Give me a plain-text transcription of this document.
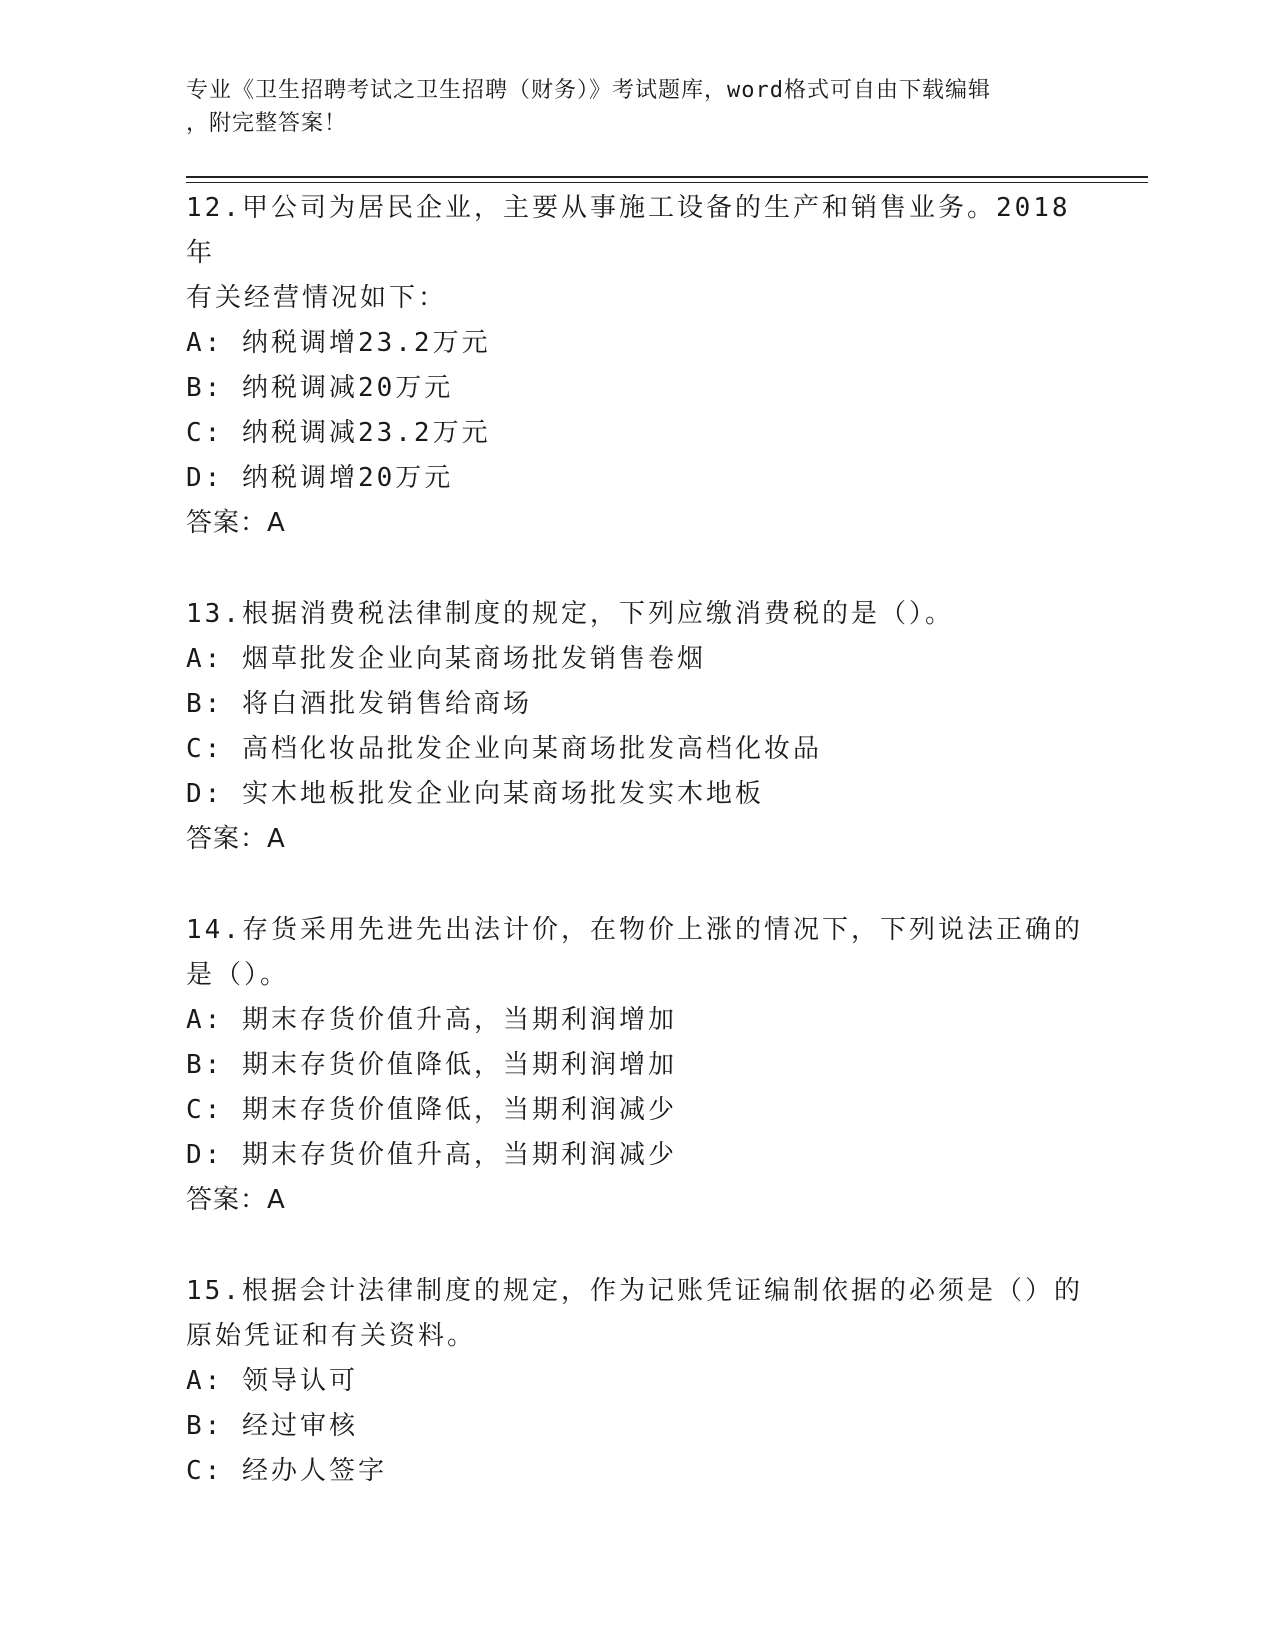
专业《卫生招聘考试之卫生招聘（财务）》考试题库，word格式可自由下载编辑
，附完整答案！
12.甲公司为居民企业，主要从事施工设备的生产和销售业务。2018年
有关经营情况如下：
A: 纳税调增23.2万元
B: 纳税调减20万元
C: 纳税调减23.2万元
D: 纳税调增20万元
答案：A
13.根据消费税法律制度的规定，下列应缴消费税的是（）。
A: 烟草批发企业向某商场批发销售卷烟
B: 将白酒批发销售给商场
C: 高档化妆品批发企业向某商场批发高档化妆品
D: 实木地板批发企业向某商场批发实木地板
答案：A
14.存货采用先进先出法计价，在物价上涨的情况下，下列说法正确的
是（）。
A: 期末存货价值升高，当期利润增加
B: 期末存货价值降低，当期利润增加
C: 期末存货价值降低，当期利润减少
D: 期末存货价值升高，当期利润减少
答案：A
15.根据会计法律制度的规定，作为记账凭证编制依据的必须是（）的
原始凭证和有关资料。
A: 领导认可
B: 经过审核
C: 经办人签字
